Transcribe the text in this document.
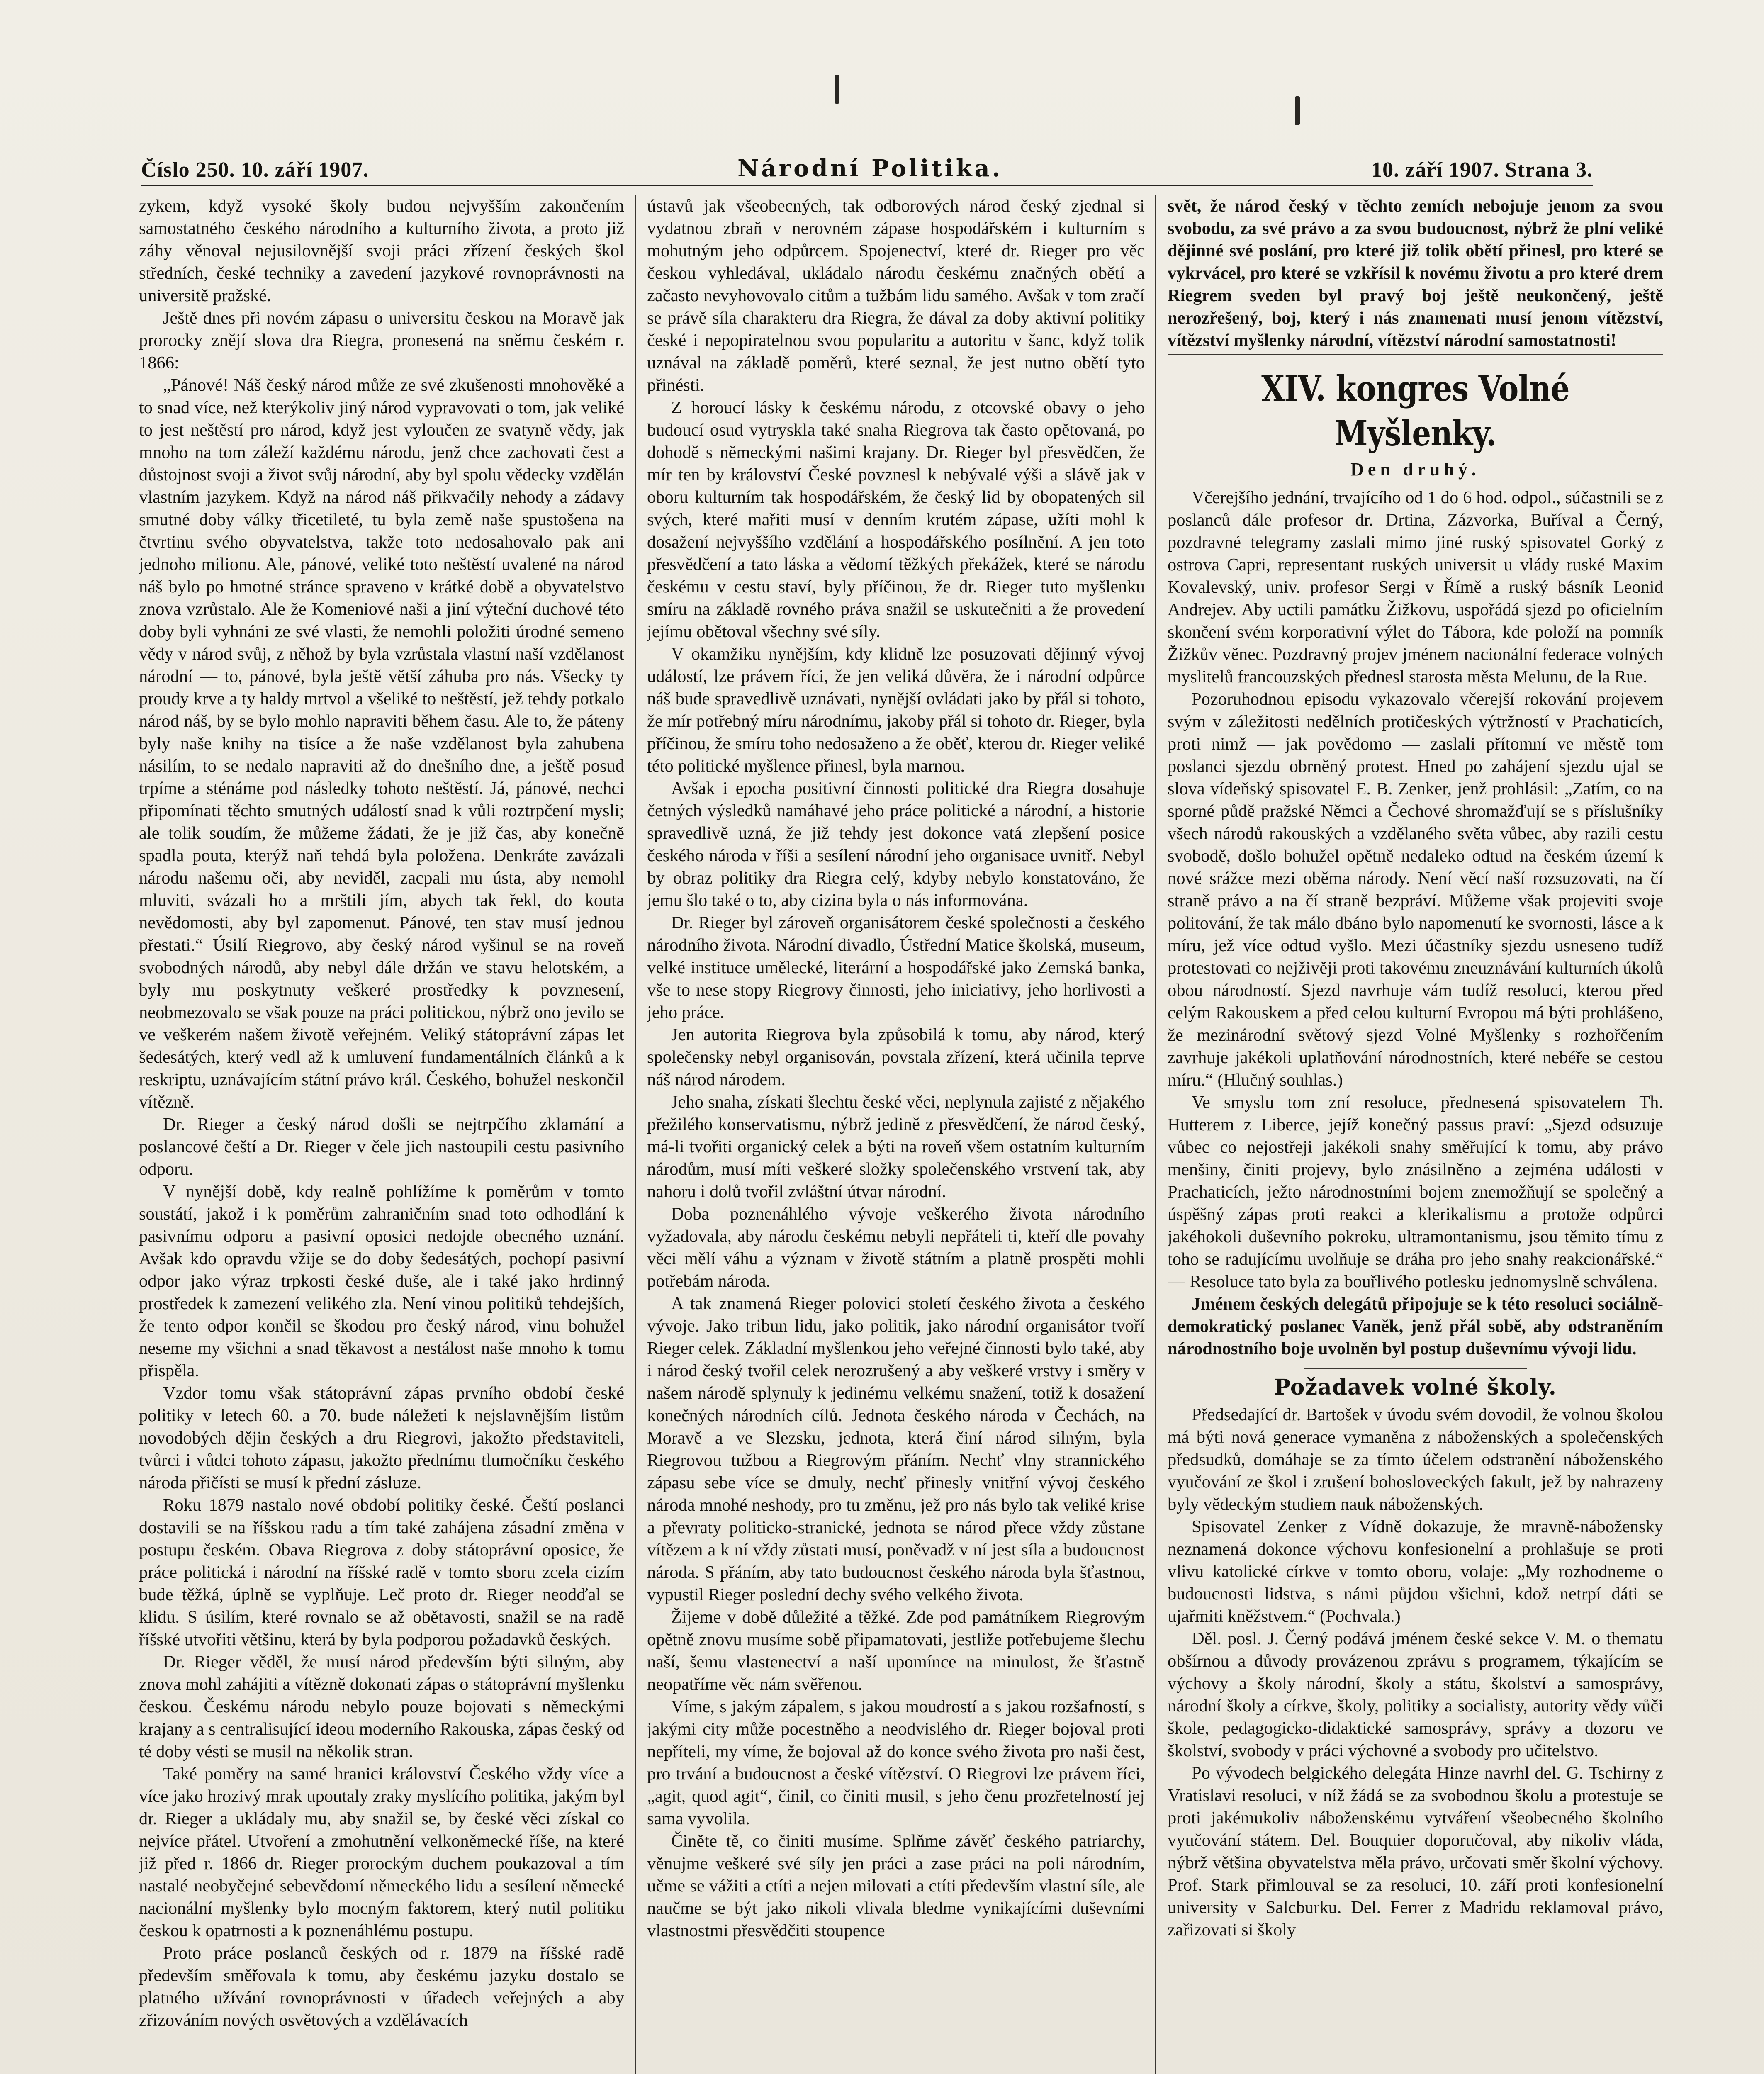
Číslo 250. 10. září 1907.	Národní Politika.	10. září 1907. Strana 3.

zykem, když vysoké školy budou nejvyšším zakončením samostatného českého národního a kulturního života, a proto již záhy věnoval nejusilovnější svoji práci zřízení českých škol středních, české techniky a zavedení jazykové rovnoprávnosti na universitě pražské.

Ještě dnes při novém zápasu o universitu českou na Moravě jak prorocky znějí slova dra Riegra, pronesená na sněmu českém r. 1866:

„Pánové! Náš český národ může ze své zkušenosti mnohověké a to snad více, než kterýkoliv jiný národ vypravovati o tom, jak veliké to jest neštěstí pro národ, když jest vyloučen ze svatyně vědy, jak mnoho na tom záleží každému národu, jenž chce zachovati čest a důstojnost svoji a život svůj národní, aby byl spolu vědecky vzdělán vlastním jazykem. Když na národ náš přikvačily nehody a zádavy smutné doby války třicetileté, tu byla země naše spustošena na čtvrtinu svého obyvatelstva, takže toto nedosahovalo pak ani jednoho milionu. Ale, pánové, veliké toto neštěstí uvalené na národ náš bylo po hmotné stránce spraveno v krátké době a obyvatelstvo znova vzrůstalo. Ale že Komeniové naši a jiní výteční duchové této doby byli vyhnáni ze své vlasti, že nemohli položiti úrodné semeno vědy v národ svůj, z něhož by byla vzrůstala vlastní naší vzdělanost národní — to, pánové, byla ještě větší záhuba pro nás. Všecky ty proudy krve a ty haldy mrtvol a všeliké to neštěstí, jež tehdy potkalo národ náš, by se bylo mohlo napraviti během času. Ale to, že páteny byly naše knihy na tisíce a že naše vzdělanost byla zahubena násilím, to se nedalo napraviti až do dnešního dne, a ještě posud trpíme a sténáme pod následky tohoto neštěstí. Já, pánové, nechci připomínati těchto smutných událostí snad k vůli roztrpčení mysli; ale tolik soudím, že můžeme žádati, že je již čas, aby konečně spadla pouta, kterýž naň tehdá byla položena. Denkráte zavázali národu našemu oči, aby neviděl, zacpali mu ústa, aby nemohl mluviti, svázali ho a mrštili jím, abych tak řekl, do kouta nevědomosti, aby byl zapomenut. Pánové, ten stav musí jednou přestati.“ Úsilí Riegrovo, aby český národ vyšinul se na roveň svobodných národů, aby nebyl dále držán ve stavu helotském, a byly mu poskytnuty veškeré prostředky k povznesení, neobmezovalo se však pouze na práci politickou, nýbrž ono jevilo se ve veškerém našem životě veřejném. Veliký státoprávní zápas let šedesátých, který vedl až k umluvení fundamentálních článků a k reskriptu, uznávajícím státní právo král. Českého, bohužel neskončil vítězně.

Dr. Rieger a český národ došli se nejtrpčího zklamání a poslancové čeští a Dr. Rieger v čele jich nastoupili cestu pasivního odporu.

V nynější době, kdy realně pohlížíme k pomĕrům v tomto soustátí, jakož i k poměrům zahraničním snad toto odhodlání k pasivnímu odporu a pasivní oposici nedojde obecného uznání. Avšak kdo opravdu vžije se do doby šedesátých, pochopí pasivní odpor jako výraz trpkosti české duše, ale i také jako hrdinný prostředek k zamezení velikého zla. Není vinou politiků tehdejších, že tento odpor končil se škodou pro český národ, vinu bohužel neseme my všichni a snad těkavost a nestálost naše mnoho k tomu přispěla.

Vzdor tomu však státoprávní zápas prvního období české politiky v letech 60. a 70. bude náležeti k nejslavnějším listům novodobých dějin českých a dru Riegrovi, jakožto představiteli, tvůrci i vůdci tohoto zápasu, jakožto přednímu tlumočníku českého národa přičísti se musí k přední zásluze.

Roku 1879 nastalo nové období politiky české. Čeští poslanci dostavili se na říšskou radu a tím také zahájena zásadní změna v postupu českém. Obava Riegrova z doby státoprávní oposice, že práce politická i národní na říšské radě v tomto sboru zcela cizím bude těžká, úplně se vyplňuje. Leč proto dr. Rieger neodďal se klidu. S úsilím, které rovnalo se až obětavosti, snažil se na radě říšské utvořiti většinu, která by byla podporou požadavků českých.

Dr. Rieger věděl, že musí národ především býti silným, aby znova mohl zahájiti a vítězně dokonati zápas o státoprávní myšlenku českou. Českému národu nebylo pouze bojovati s německými krajany a s centralisující ideou moderního Rakouska, zápas český od té doby vésti se musil na několik stran.

Také poměry na samé hranici království Českého vždy více a více jako hrozivý mrak upoutaly zraky myslícího politika, jakým byl dr. Rieger a ukládaly mu, aby snažil se, by české věci získal co nejvíce přátel. Utvoření a zmohutnění velkoněmecké říše, na které již před r. 1866 dr. Rieger prorockým duchem poukazoval a tím nastalé neobyčejné sebevědomí německého lidu a sesílení německé nacionální myšlenky bylo mocným faktorem, který nutil politiku českou k opatrnosti a k poznenáhlému postupu.

Proto práce poslanců českých od r. 1879 na říšské radě především směřovala k tomu, aby českému jazyku dostalo se platného užívání rovnoprávnosti v úřadech veřejných a aby zřizováním nových osvětových a vzdělávacích

ústavů jak všeobecných, tak odborových národ český zjednal si vydatnou zbraň v nerovném zápase hospodářském i kulturním s mohutným jeho odpůrcem. Spojenectví, které dr. Rieger pro věc českou vyhledával, ukládalo národu českému značných obětí a začasto nevyhovovalo citům a tužbám lidu samého. Avšak v tom zračí se právě síla charakteru dra Riegra, že dával za doby aktivní politiky české i nepopiratelnou svou popularitu a autoritu v šanc, když tolik uznával na základě poměrů, které seznal, že jest nutno obětí tyto přinésti.

Z horoucí lásky k českému národu, z otcovské obavy o jeho budoucí osud vytryskla také snaha Riegrova tak často opětovaná, po dohodě s německými našimi krajany. Dr. Rieger byl přesvědčen, že mír ten by království České povznesl k nebývalé výši a slávě jak v oboru kulturním tak hospodářském, že český lid by obopatených sil svých, které mařiti musí v denním krutém zápase, užíti mohl k dosažení nejvyššího vzdělání a hospodářského posílnění. A jen toto přesvědčení a tato láska a vědomí těžkých překážek, které se národu českému v cestu staví, byly příčinou, že dr. Rieger tuto myšlenku smíru na základě rovného práva snažil se uskutečniti a že provedení jejímu obětoval všechny své síly.

V okamžiku nynějším, kdy klidně lze posuzovati dějinný vývoj událostí, lze právem říci, že jen veliká důvěra, že i národní odpůrce náš bude spravedlivě uznávati, nynější ovládati jako by přál si tohoto, že mír potřebný míru národnímu, jakoby přál si tohoto dr. Rieger, byla příčinou, že smíru toho nedosaženo a že oběť, kterou dr. Rieger veliké této politické myšlence přinesl, byla marnou.

Avšak i epocha positivní činnosti politické dra Riegra dosahuje četných výsledků namáhavé jeho práce politické a národní, a historie spravedlivě uzná, že již tehdy jest dokonce vatá zlepšení posice českého národa v říši a sesílení národní jeho organisace uvnitř. Nebyl by obraz politiky dra Riegra celý, kdyby nebylo konstatováno, že jemu šlo také o to, aby cizina byla o nás informována.

Dr. Rieger byl zároveň organisátorem české společnosti a českého národního života. Národní divadlo, Ústřední Matice školská, museum, velké instituce umělecké, literární a hospodářské jako Zemská banka, vše to nese stopy Riegrovy činnosti, jeho iniciativy, jeho horlivosti a jeho práce.

Jen autorita Riegrova byla způsobilá k tomu, aby národ, který společensky nebyl organisován, povstala zřízení, která učinila teprve náš národ národem.

Jeho snaha, získati šlechtu české věci, neplynula zajisté z nějakého přežilého konservatismu, nýbrž jedině z přesvědčení, že národ český, má-li tvořiti organický celek a býti na roveň všem ostatním kulturním národům, musí míti veškeré složky společenského vrstvení tak, aby nahoru i dolů tvořil zvláštní útvar národní.

Doba poznenáhlého vývoje veškerého života národního vyžadovala, aby národu českému nebyli nepřáteli ti, kteří dle povahy věci mělí váhu a význam v životě státním a platně prospěti mohli potřebám národa.

A tak znamená Rieger polovici století českého života a českého vývoje. Jako tribun lidu, jako politik, jako národní organisátor tvoří Rieger celek. Základní myšlenkou jeho veřejné činnosti bylo také, aby i národ český tvořil celek nerozrušený a aby veškeré vrstvy i směry v našem národě splynuly k jedinému velkému snažení, totiž k dosažení konečných národních cílů. Jednota českého národa v Čechách, na Moravě a ve Slezsku, jednota, která činí národ silným, byla Riegrovou tužbou a Riegrovým přáním. Nechť vlny strannického zápasu sebe více se dmuly, nechť přinesly vnitřní vývoj českého národa mnohé neshody, pro tu změnu, jež pro nás bylo tak veliké krise a převraty politicko-stranické, jednota se národ přece vždy zůstane vítězem a k ní vždy zůstati musí, poněvadž v ní jest síla a budoucnost národa. S přáním, aby tato budoucnost českého národa byla šťastnou, vypustil Rieger poslední dechy svého velkého života.

Žijeme v době důležité a těžké. Zde pod památníkem Riegrovým opětně znovu musíme sobě připamatovati, jestliže potřebujeme šlechu naší, šemu vlastenectví a naší upomínce na minulost, že šťastně neopatříme věc nám svěřenou.

Víme, s jakým zápalem, s jakou moudrostí a s jakou rozšafností, s jakými city může pocestněho a neodvislého dr. Rieger bojoval proti nepříteli, my víme, že bojoval až do konce svého života pro naši čest, pro trvání a budoucnost a české vítězství. O Riegrovi lze právem říci, „agit, quod agit“, činil, co činiti musil, s jeho čenu prozřetelností jej sama vyvolila.

Činěte tě, co činiti musíme. Splňme závěť českého patriarchy, věnujme veškeré své síly jen práci a zase práci na poli národním, učme se vážiti a ctíti a nejen milovati a ctíti především vlastní síle, ale naučme se být jako nikoli vlivala bledme vynikajícími duševními vlastnostmi přesvědčiti stoupence

svět, že národ český v těchto zemích nebojuje jenom za svou svobodu, za své právo a za svou budoucnost, nýbrž že plní veliké dějinné své poslání, pro které již tolik obětí přinesl, pro které se vykrvácel, pro které se vzkřísil k novému životu a pro které drem Riegrem sveden byl pravý boj ještě neukončený, ještě nerozřešený, boj, který i nás znamenati musí jenom vítězství, vítězství myšlenky národní, vítězství národní samostatnosti!

XIV. kongres Volné Myšlenky.
Den druhý.

Včerejšího jednání, trvajícího od 1 do 6 hod. odpol., súčastnili se z poslanců dále profesor dr. Drtina, Zázvorka, Buříval a Černý, pozdravné telegramy zaslali mimo jiné ruský spisovatel Gorký z ostrova Capri, representant ruských universit u vlády ruské Maxim Kovalevský, univ. profesor Sergi v Římě a ruský básník Leonid Andrejev. Aby uctili památku Žižkovu, uspořádá sjezd po oficielním skončení svém korporativní výlet do Tábora, kde položí na pomník Žižkův věnec. Pozdravný projev jménem nacionální federace volných myslitelů francouzských přednesl starosta města Melunu, de la Rue.

Pozoruhodnou episodu vykazovalo včerejší rokování projevem svým v záležitosti nedělních protičeských výtržností v Prachaticích, proti nimž — jak povědomo — zaslali přítomní ve městě tom poslanci sjezdu obrněný protest. Hned po zahájení sjezdu ujal se slova vídeňský spisovatel E. B. Zenker, jenž prohlásil: „Zatím, co na sporné půdě pražské Němci a Čechové shromažďují se s příslušníky všech národů rakouských a vzdělaného světa vůbec, aby razili cestu svobodě, došlo bohužel opětně nedaleko odtud na českém území k nové srážce mezi oběma národy. Není věcí naší rozsuzovati, na čí straně právo a na čí straně bezpráví. Můžeme však projeviti svoje politování, že tak málo dbáno bylo napomenutí ke svornosti, lásce a k míru, jež více odtud vyšlo. Mezi účastníky sjezdu usneseno tudíž protestovati co nejživěji proti takovému zneuznávání kulturních úkolů obou národností. Sjezd navrhuje vám tudíž resoluci, kterou před celým Rakouskem a před celou kulturní Evropou má býti prohlášeno, že mezinárodní světový sjezd Volné Myšlenky s rozhořčením zavrhuje jakékoli uplatňování národnostních, které nebéře se cestou míru.“ (Hlučný souhlas.)

Ve smyslu tom zní resoluce, přednesená spisovatelem Th. Hutterem z Liberce, jejíž konečný passus praví: „Sjezd odsuzuje vůbec co nejostřeji jakékoli snahy směřující k tomu, aby právo menšiny, činiti projevy, bylo znásilněno a zejména události v Prachaticích, ježto národnostními bojem znemožňují se společný a úspěšný zápas proti reakci a klerikalismu a protože odpůrci jakéhokoli duševního pokroku, ultramontanismu, jsou těmito tímu z toho se radujícímu uvolňuje se dráha pro jeho snahy reakcionářské.“ — Resoluce tato byla za bouřlivého potlesku jednomyslně schválena.

Jménem českých delegátů připojuje se k této resoluci sociálně-demokratický poslanec Vaněk, jenž přál sobě, aby odstraněním národnostního boje uvolněn byl postup duševnímu vývoji lidu.

Požadavek volné školy.

Předsedající dr. Bartošek v úvodu svém dovodil, že volnou školou má býti nová generace vymaněna z náboženských a společenských předsudků, domáhaje se za tímto účelem odstranění náboženského vyučování ze škol i zrušení bohosloveckých fakult, jež by nahrazeny byly vědeckým studiem nauk náboženských.

Spisovatel Zenker z Vídně dokazuje, že mravně-nábožensky neznamená dokonce výchovu konfesionelní a prohlašuje se proti vlivu katolické církve v tomto oboru, volaje: „My rozhodneme o budoucnosti lidstva, s námi půjdou všichni, kdož netrpí dáti se ujařmiti kněžstvem.“ (Pochvala.)

Děl. posl. J. Černý podává jménem české sekce V. M. o thematu obšírnou a důvody provázenou zprávu s programem, týkajícím se výchovy a školy národní, školy a státu, školství a samosprávy, národní školy a církve, školy, politiky a socialisty, autority vědy vůči škole, pedagogicko-didaktické samosprávy, správy a dozoru ve školství, svobody v práci výchovné a svobody pro učitelstvo.

Po vývodech belgického delegáta Hinze navrhl del. G. Tschirny z Vratislavi resoluci, v níž žádá se za svobodnou školu a protestuje se proti jakémukoliv náboženskému vytváření všeobecného školního vyučování státem. Del. Bouquier doporučoval, aby nikoliv vláda, nýbrž většina obyvatelstva měla právo, určovati směr školní výchovy. Prof. Stark přimlouval se za resoluci, 10. září proti konfesionelní university v Salcburku. Del. Ferrer z Madridu reklamoval právo, zařizovati si školy
